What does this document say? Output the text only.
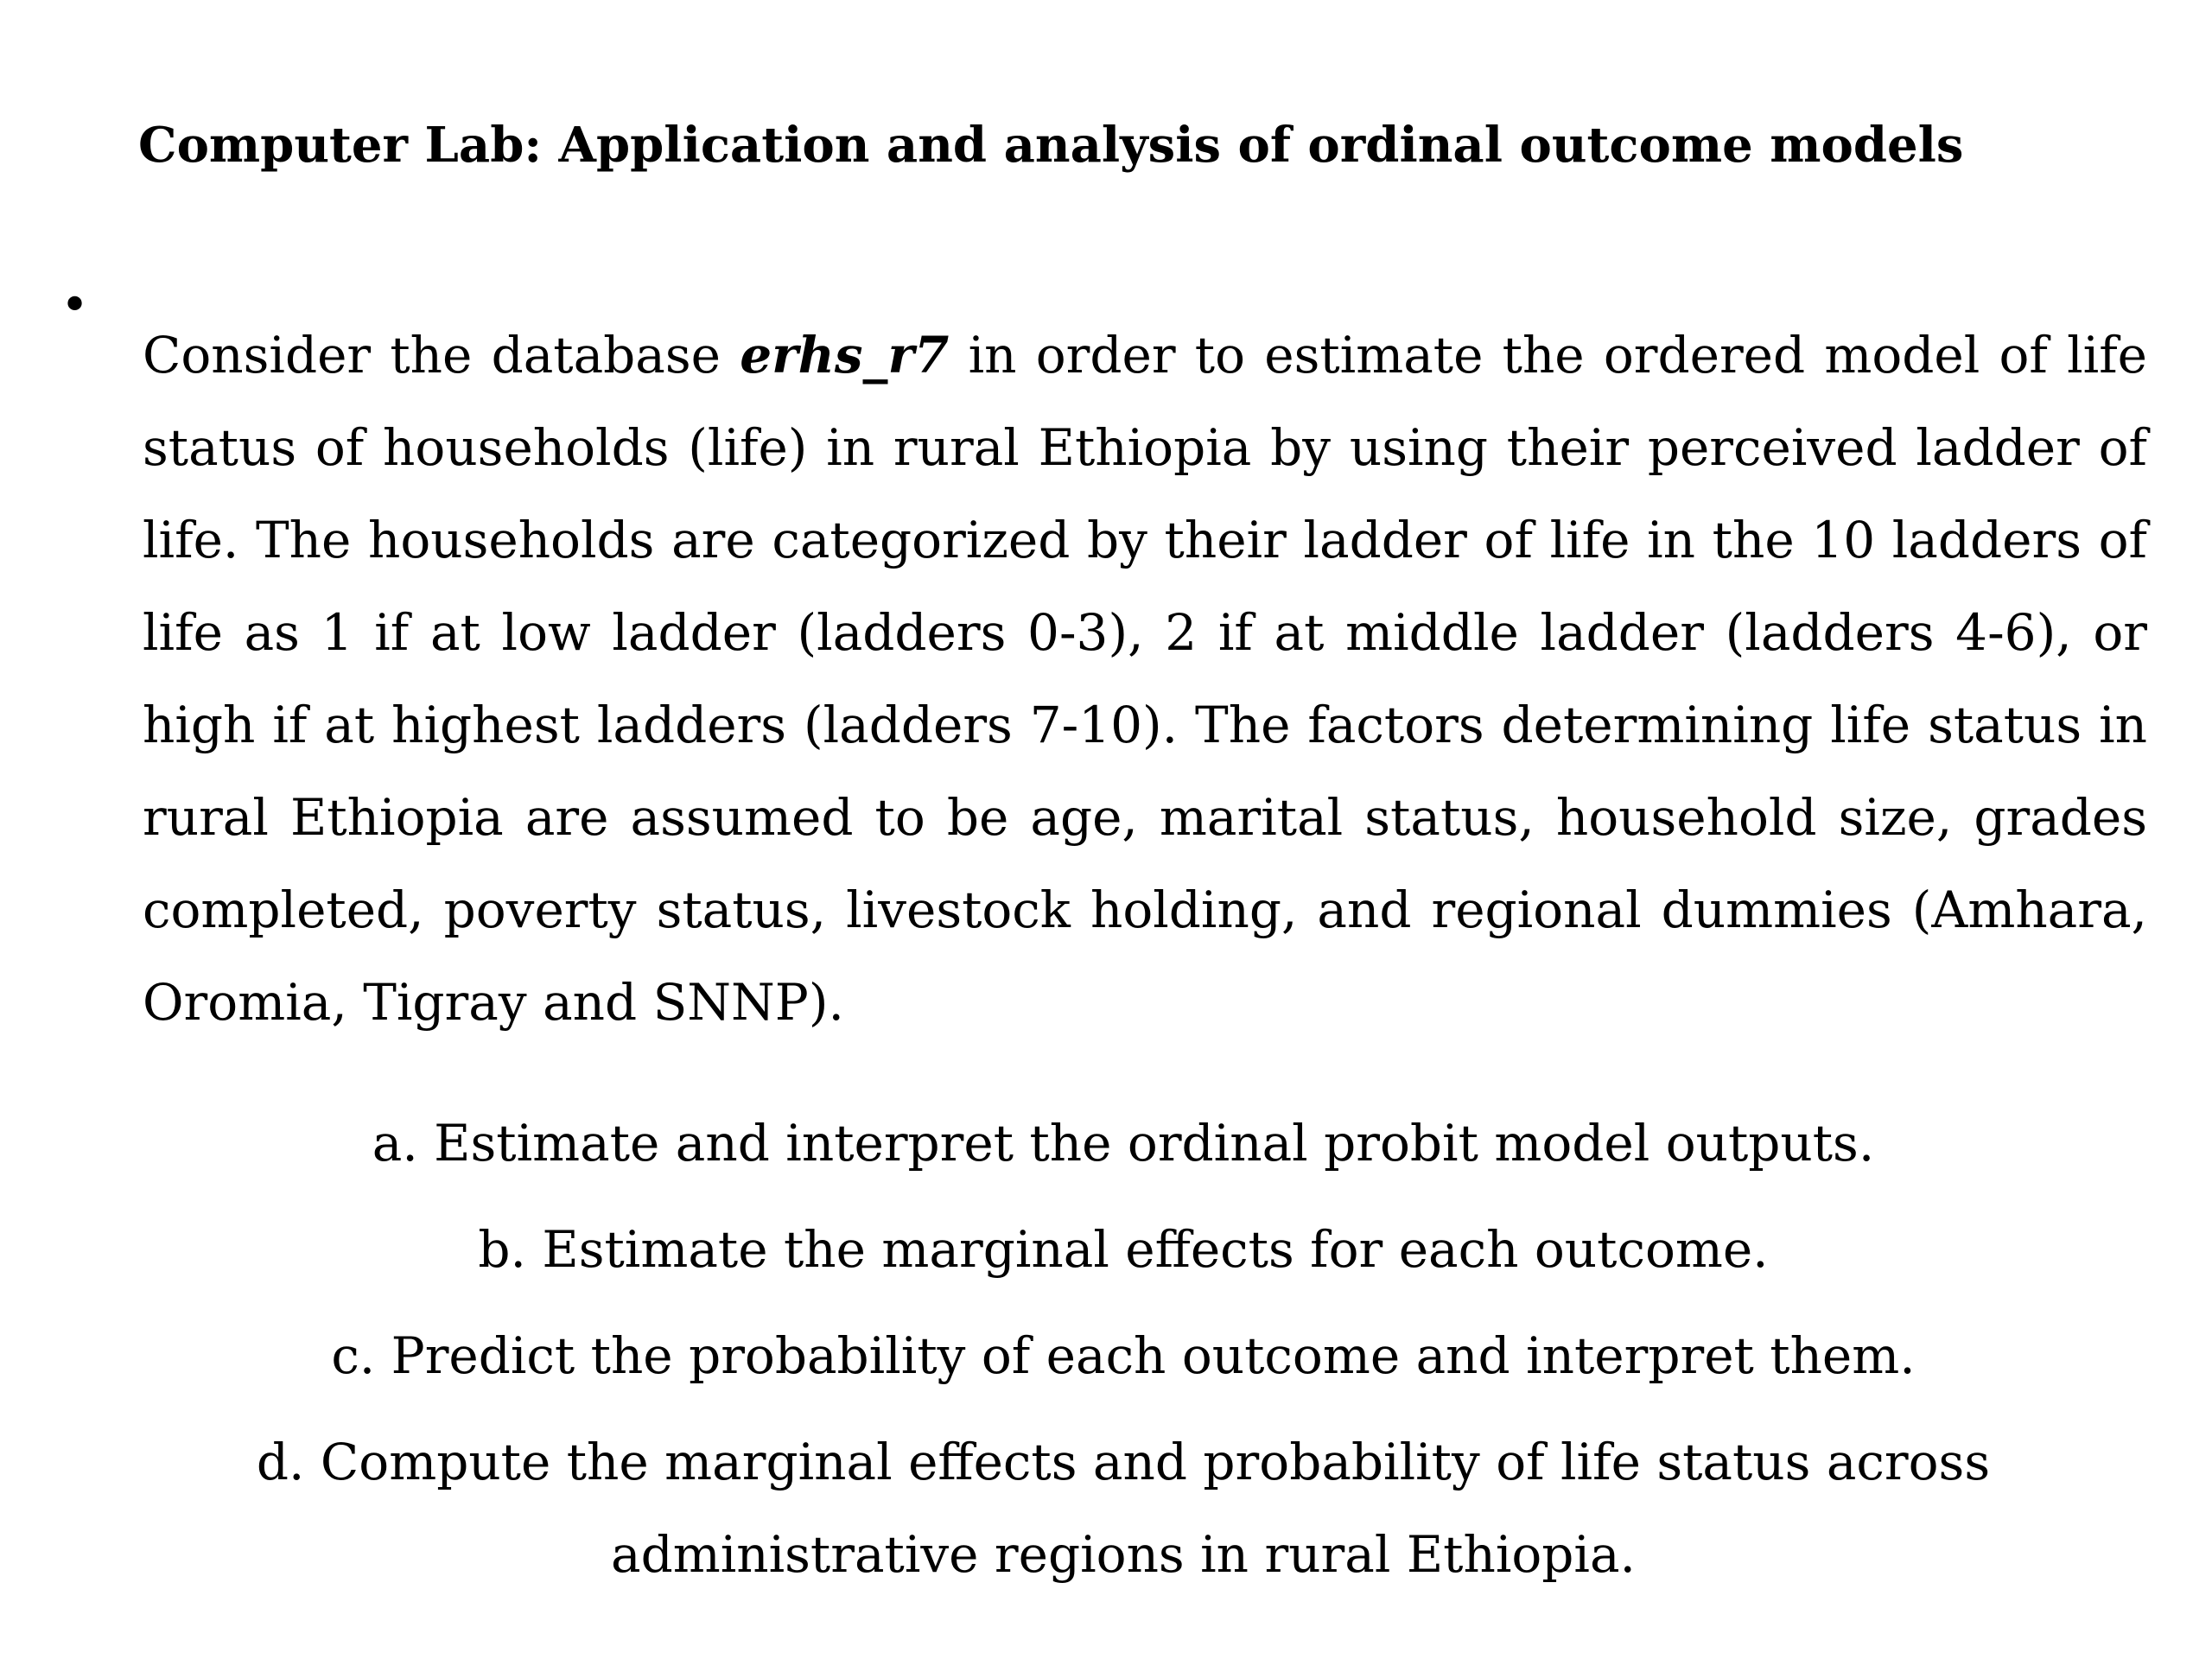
Computer Lab: Application and analysis of ordinal outcome models
•

Consider the database erhs_r7 in order to estimate the ordered model of life status of households (life) in rural Ethiopia by using their perceived ladder of life. The households are categorized by their ladder of life in the 10 ladders of life as 1 if at low ladder (ladders 0-3), 2 if at middle ladder (ladders 4-6), or high if at highest ladders (ladders 7-10). The factors determining life status in rural Ethiopia are assumed to be age, marital status, household size, grades completed, poverty status, livestock holding, and regional dummies (Amhara, Oromia, Tigray and SNNP).

a. Estimate and interpret the ordinal probit model outputs.
b. Estimate the marginal effects for each outcome.
c. Predict the probability of each outcome and interpret them.
d. Compute the marginal effects and probability of life status across administrative regions in rural Ethiopia.
